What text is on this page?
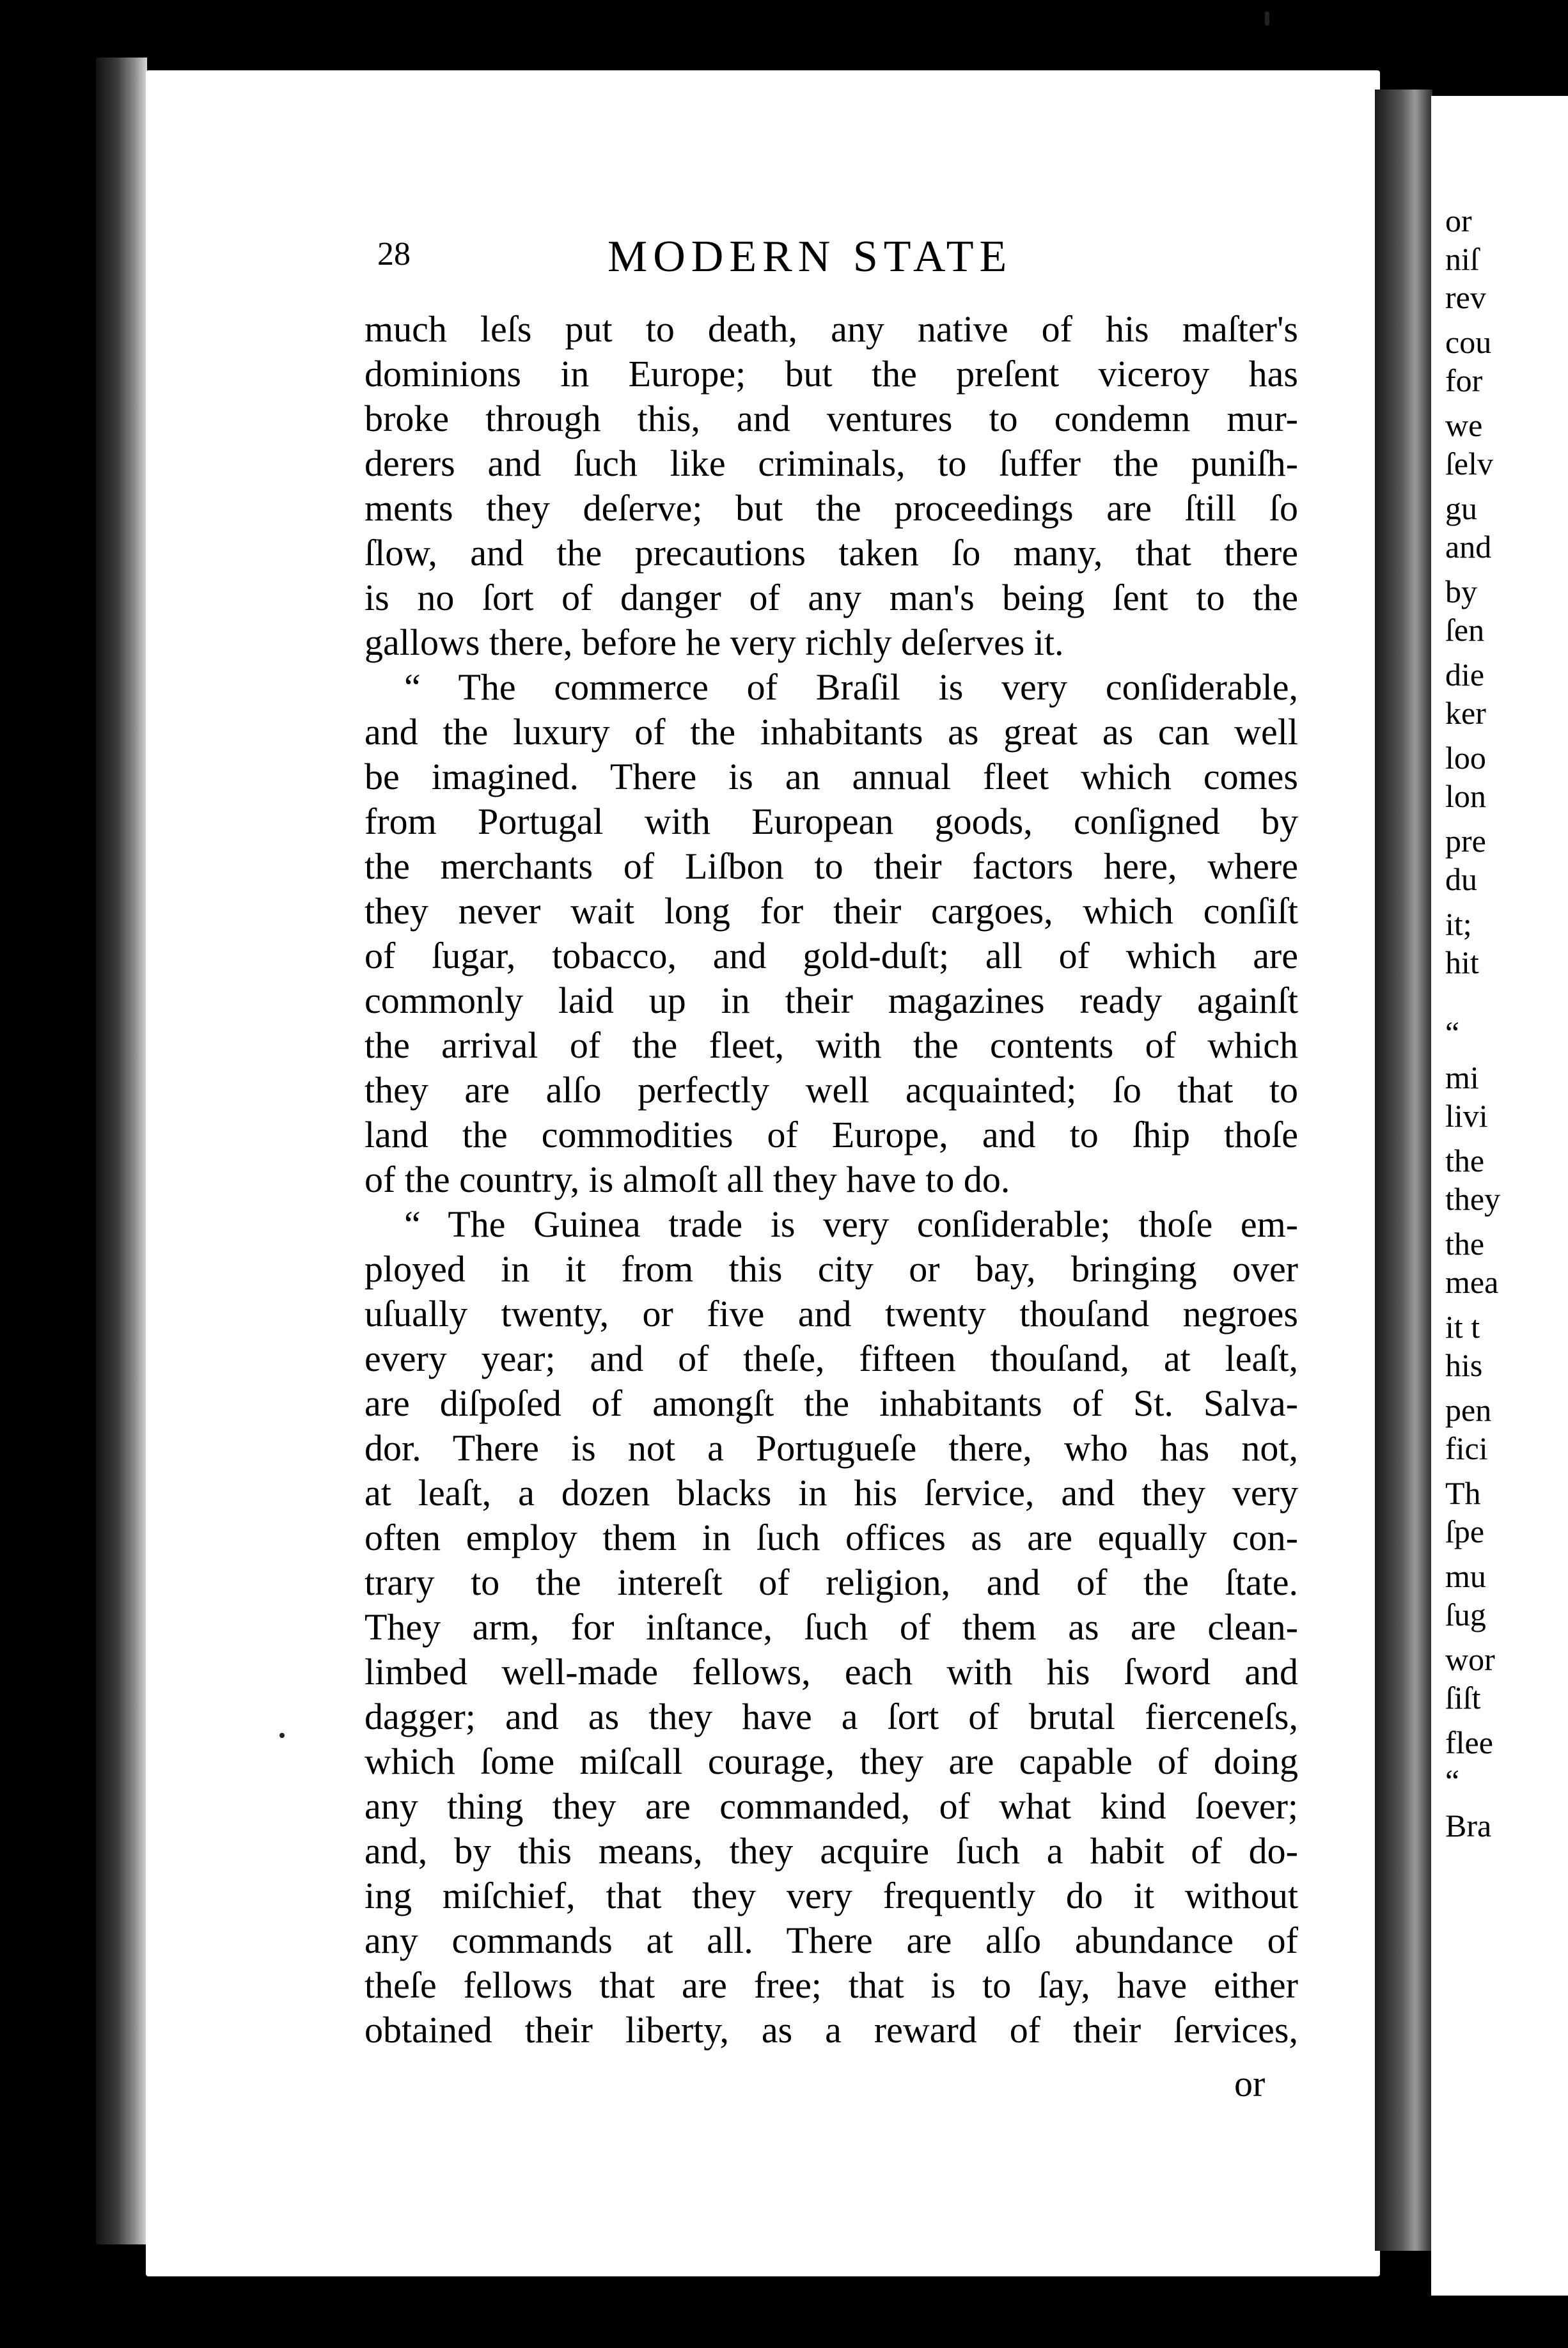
or
niſ
rev
cou
for
we
ſelv
gu
and
by
ſen
die
ker
loo
lon
pre
du
it;
hit
“
mi
livi
the
they
the
mea
it t
his
pen
fici
Th
ſpe
mu
ſug
wor
ſiſt
flee
“
Bra
28	MODERN STATE
much leſs put to death, any native of his maſter's
dominions in Europe; but the preſent viceroy has
broke through this, and ventures to condemn mur-
derers and ſuch like criminals, to ſuffer the puniſh-
ments they deſerve; but the proceedings are ſtill ſo
ſlow, and the precautions taken ſo many, that there
is no ſort of danger of any man's being ſent to the
gallows there, before he very richly deſerves it.
“ The commerce of Braſil is very conſiderable,
and the luxury of the inhabitants as great as can well
be imagined. There is an annual fleet which comes
from Portugal with European goods, conſigned by
the merchants of Liſbon to their factors here, where
they never wait long for their cargoes, which conſiſt
of ſugar, tobacco, and gold-duſt; all of which are
commonly laid up in their magazines ready againſt
the arrival of the fleet, with the contents of which
they are alſo perfectly well acquainted; ſo that to
land the commodities of Europe, and to ſhip thoſe
of the country, is almoſt all they have to do.
“ The Guinea trade is very conſiderable; thoſe em-
ployed in it from this city or bay, bringing over
uſually twenty, or five and twenty thouſand negroes
every year; and of theſe, fifteen thouſand, at leaſt,
are diſpoſed of amongſt the inhabitants of St. Salva-
dor. There is not a Portugueſe there, who has not,
at leaſt, a dozen blacks in his ſervice, and they very
often employ them in ſuch offices as are equally con-
trary to the intereſt of religion, and of the ſtate.
They arm, for inſtance, ſuch of them as are clean-
limbed well-made fellows, each with his ſword and
dagger; and as they have a ſort of brutal fierceneſs,
which ſome miſcall courage, they are capable of doing
any thing they are commanded, of what kind ſoever;
and, by this means, they acquire ſuch a habit of do-
ing miſchief, that they very frequently do it without
any commands at all. There are alſo abundance of
theſe fellows that are free; that is to ſay, have either
obtained their liberty, as a reward of their ſervices,
or
